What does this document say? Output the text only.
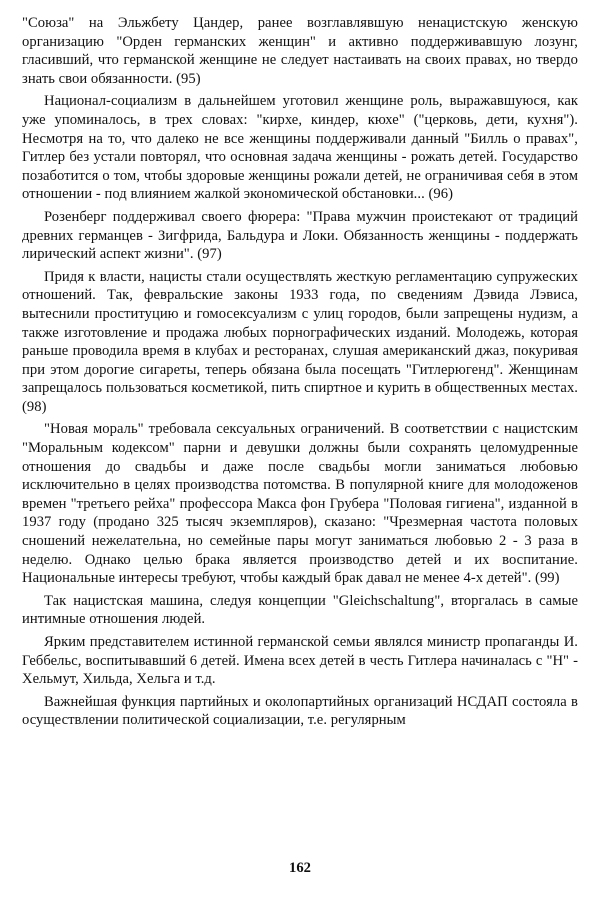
"Союза" на Эльжбету Цандер, ранее возглавлявшую ненацистскую женскую организацию "Орден германских женщин" и активно поддерживавшую лозунг, гласивший, что германской женщине не следует настаивать на своих правах, но твердо знать свои обязанности. (95)

Национал-социализм в дальнейшем уготовил женщине роль, выражавшуюся, как уже упоминалось, в трех словах: "кирхе, киндер, кюхе" ("церковь, дети, кухня"). Несмотря на то, что далеко не все женщины поддерживали данный "Билль о правах", Гитлер без устали повторял, что основная задача женщины - рожать детей. Государство позаботится о том, чтобы здоровые женщины рожали детей, не ограничивая себя в этом отношении - под влиянием жалкой экономической обстановки... (96)

Розенберг поддерживал своего фюрера: "Права мужчин проистекают от традиций древних германцев - Зигфрида, Бальдура и Локи. Обязанность женщины - поддержать лирический аспект жизни". (97)

Придя к власти, нацисты стали осуществлять жесткую регламентацию супружеских отношений. Так, февральские законы 1933 года, по сведениям Дэвида Лэвиса, вытеснили проституцию и гомосексуализм с улиц городов, были запрещены нудизм, а также изготовление и продажа любых порнографических изданий. Молодежь, которая раньше проводила время в клубах и ресторанах, слушая американский джаз, покуривая при этом дорогие сигареты, теперь обязана была посещать "Гитлерюгенд". Женщинам запрещалось пользоваться косметикой, пить спиртное и курить в общественных местах. (98)

"Новая мораль" требовала сексуальных ограничений. В соответствии с нацистским "Моральным кодексом" парни и девушки должны были сохранять целомудренные отношения до свадьбы и даже после свадьбы могли заниматься любовью исключительно в целях производства потомства. В популярной книге для молодоженов времен "третьего рейха" профессора Макса фон Грубера "Половая гигиена", изданной в 1937 году (продано 325 тысяч экземпляров), сказано: "Чрезмерная частота половых сношений нежелательна, но семейные пары могут заниматься любовью 2 - 3 раза в неделю. Однако целью брака является производство детей и их воспитание. Национальные интересы требуют, чтобы каждый брак давал не менее 4-х детей". (99)

Так нацистская машина, следуя концепции "Gleichschaltung", вторгалась в самые интимные отношения людей.

Ярким представителем истинной германской семьи являлся министр пропаганды И. Геббельс, воспитывавший 6 детей. Имена всех детей в честь Гитлера начиналась с "Н" - Хельмут, Хильда, Хельга и т.д.

Важнейшая функция партийных и околопартийных организаций НСДАП состояла в осуществлении политической социализации, т.е. регулярным

162
